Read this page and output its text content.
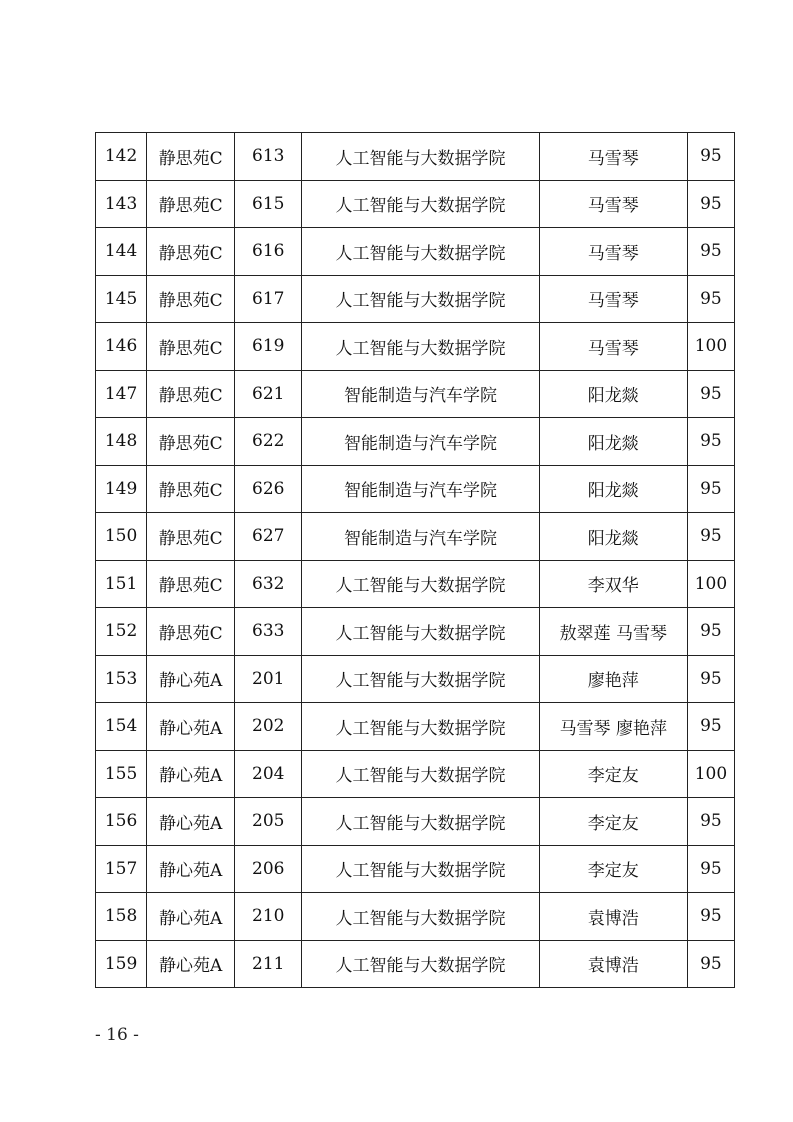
142	静思苑C	613	人工智能与大数据学院	马雪琴	95
143	静思苑C	615	人工智能与大数据学院	马雪琴	95
144	静思苑C	616	人工智能与大数据学院	马雪琴	95
145	静思苑C	617	人工智能与大数据学院	马雪琴	95
146	静思苑C	619	人工智能与大数据学院	马雪琴	100
147	静思苑C	621	智能制造与汽车学院	阳龙燚	95
148	静思苑C	622	智能制造与汽车学院	阳龙燚	95
149	静思苑C	626	智能制造与汽车学院	阳龙燚	95
150	静思苑C	627	智能制造与汽车学院	阳龙燚	95
151	静思苑C	632	人工智能与大数据学院	李双华	100
152	静思苑C	633	人工智能与大数据学院	敖翠莲 马雪琴	95
153	静心苑A	201	人工智能与大数据学院	廖艳萍	95
154	静心苑A	202	人工智能与大数据学院	马雪琴 廖艳萍	95
155	静心苑A	204	人工智能与大数据学院	李定友	100
156	静心苑A	205	人工智能与大数据学院	李定友	95
157	静心苑A	206	人工智能与大数据学院	李定友	95
158	静心苑A	210	人工智能与大数据学院	袁博浩	95
159	静心苑A	211	人工智能与大数据学院	袁博浩	95
- 16 -
